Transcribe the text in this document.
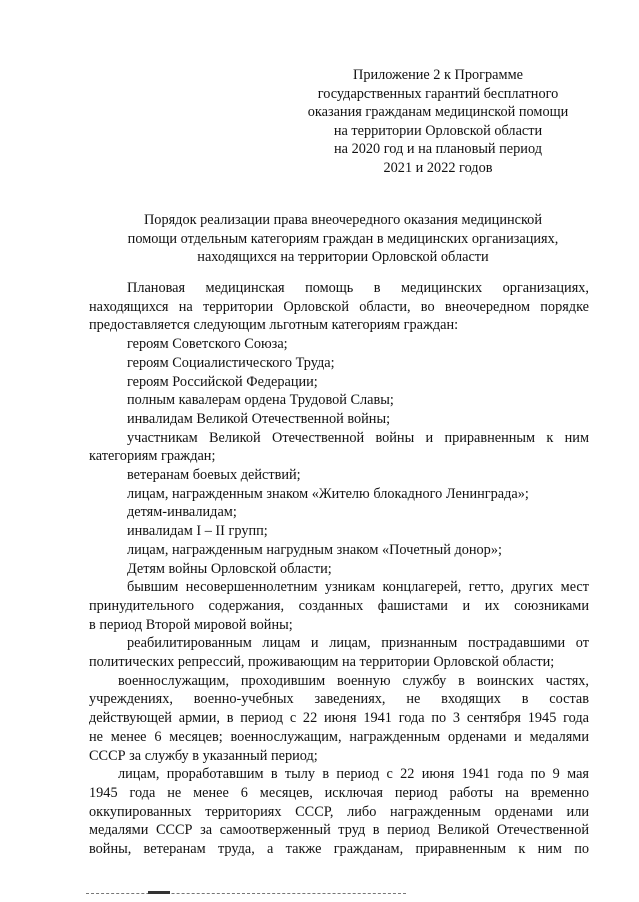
Приложение 2 к Программе
государственных гарантий бесплатного
оказания гражданам медицинской помощи
на территории Орловской области
на 2020 год и на плановый период
2021 и 2022 годов
Порядок реализации права внеочередного оказания медицинской
помощи отдельным категориям граждан в медицинских организациях,
находящихся на территории Орловской области
Плановая медицинская помощь в медицинских организациях,
находящихся на территории Орловской области, во внеочередном порядке
предоставляется следующим льготным категориям граждан:
героям Советского Союза;
героям Социалистического Труда;
героям Российской Федерации;
полным кавалерам ордена Трудовой Славы;
инвалидам Великой Отечественной войны;
участникам Великой Отечественной войны и приравненным к ним
категориям граждан;
ветеранам боевых действий;
лицам, награжденным знаком «Жителю блокадного Ленинграда»;
детям-инвалидам;
инвалидам I – II групп;
лицам, награжденным нагрудным знаком «Почетный донор»;
Детям войны Орловской области;
бывшим несовершеннолетним узникам концлагерей, гетто, других мест
принудительного содержания, созданных фашистами и их союзниками
в период Второй мировой войны;
реабилитированным лицам и лицам, признанным пострадавшими от
политических репрессий, проживающим на территории Орловской области;
военнослужащим, проходившим военную службу в воинских частях,
учреждениях, военно-учебных заведениях, не входящих в состав
действующей армии, в период с 22 июня 1941 года по 3 сентября 1945 года
не менее 6 месяцев; военнослужащим, награжденным орденами и медалями
СССР за службу в указанный период;
лицам, проработавшим в тылу в период с 22 июня 1941 года по 9 мая
1945 года не менее 6 месяцев, исключая период работы на временно
оккупированных территориях СССР, либо награжденным орденами или
медалями СССР за самоотверженный труд в период Великой Отечественной
войны, ветеранам труда, а также гражданам, приравненным к ним по
